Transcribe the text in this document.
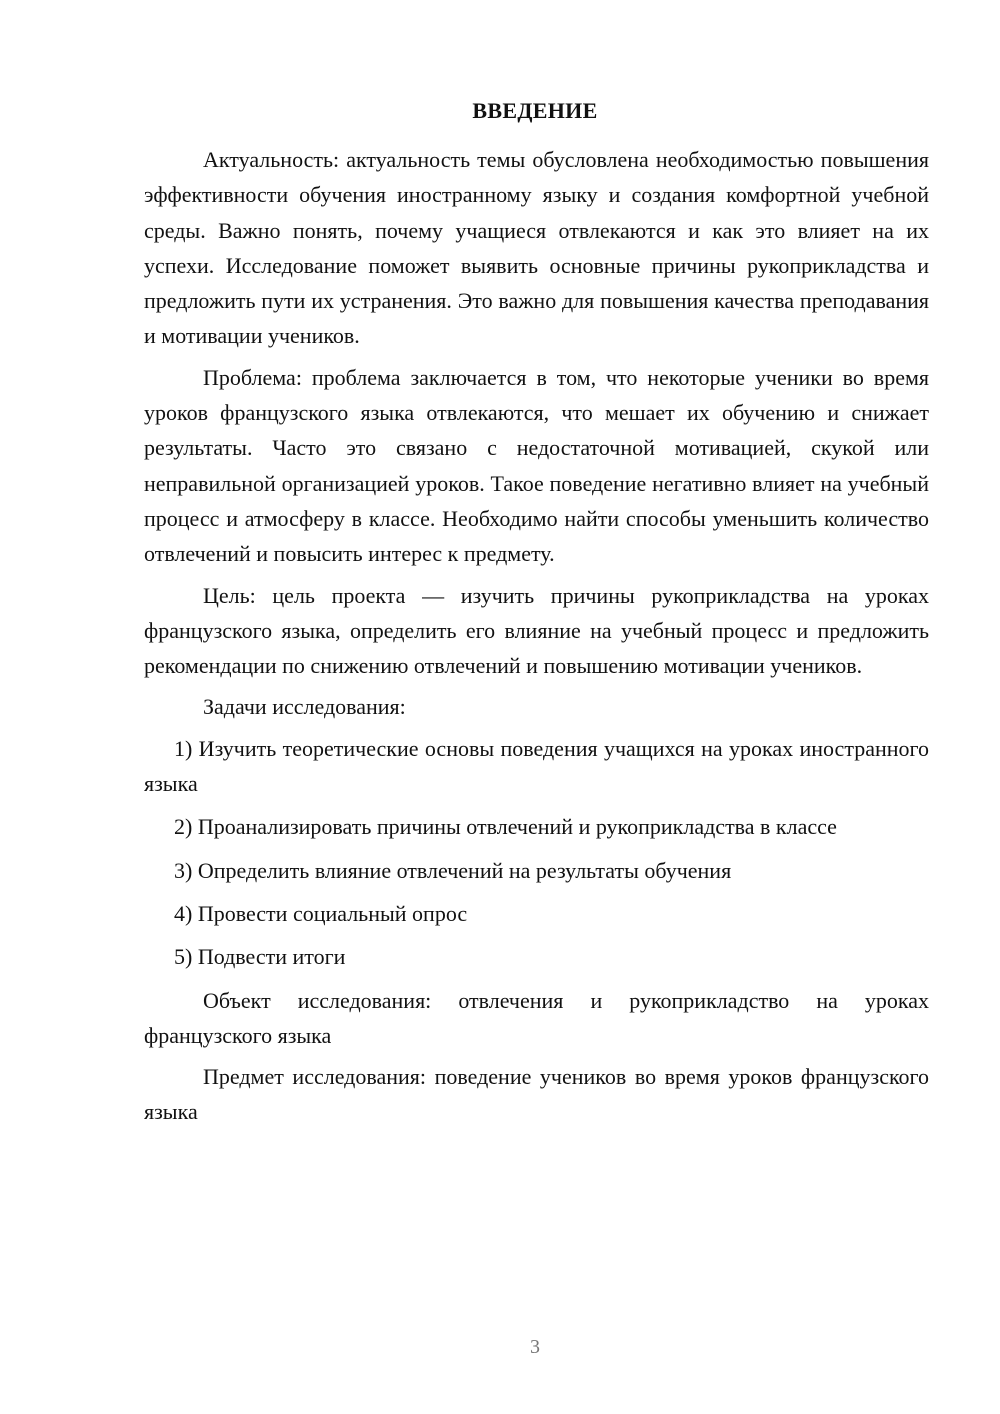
ВВЕДЕНИЕ

Актуальность: актуальность темы обусловлена необходимостью повышения эффективности обучения иностранному языку и создания комфортной учебной среды. Важно понять, почему учащиеся отвлекаются и как это влияет на их успехи. Исследование поможет выявить основные причины рукоприкладства и предложить пути их устранения. Это важно для повышения качества преподавания и мотивации учеников.

Проблема: проблема заключается в том, что некоторые ученики во время уроков французского языка отвлекаются, что мешает их обучению и снижает результаты. Часто это связано с недостаточной мотивацией, скукой или неправильной организацией уроков. Такое поведение негативно влияет на учебный процесс и атмосферу в классе. Необходимо найти способы уменьшить количество отвлечений и повысить интерес к предмету.

Цель: цель проекта — изучить причины рукоприкладства на уроках французского языка, определить его влияние на учебный процесс и предложить рекомендации по снижению отвлечений и повышению мотивации учеников.

Задачи исследования:

1) Изучить теоретические основы поведения учащихся на уроках иностранного языка

2) Проанализировать причины отвлечений и рукоприкладства в классе

3) Определить влияние отвлечений на результаты обучения

4) Провести социальный опрос

5) Подвести итоги

Объект исследования: отвлечения и рукоприкладство на уроках французского языка

Предмет исследования: поведение учеников во время уроков французского языка

3
